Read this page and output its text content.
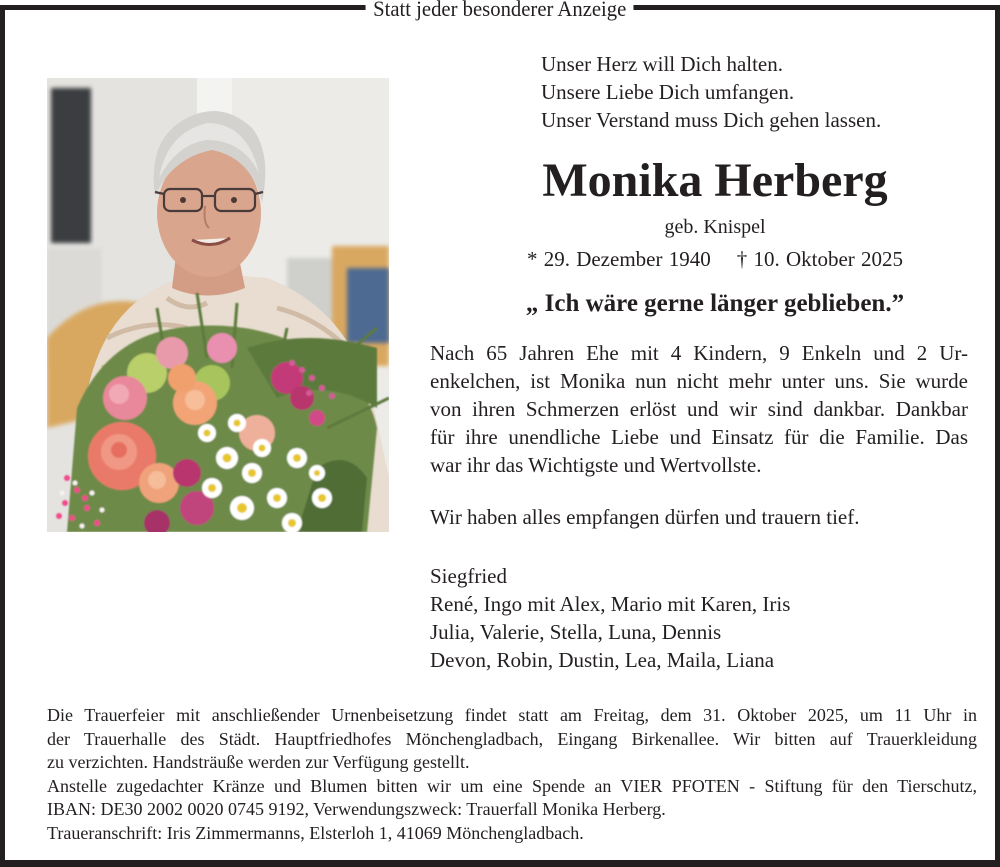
Statt jeder besonderer Anzeige
Unser Herz will Dich halten.
Unsere Liebe Dich umfangen.
Unser Verstand muss Dich gehen lassen.
Monika Herberg
geb. Knispel
* 29. Dezember 1940 † 10. Oktober 2025
„ Ich wäre gerne länger geblieben.”
Nach 65 Jahren Ehe mit 4 Kindern, 9 Enkeln und 2 Ur-
enkelchen, ist Monika nun nicht mehr unter uns. Sie wurde
von ihren Schmerzen erlöst und wir sind dankbar. Dankbar
für ihre unendliche Liebe und Einsatz für die Familie. Das
war ihr das Wichtigste und Wertvollste.
Wir haben alles empfangen dürfen und trauern tief.
Siegfried
René, Ingo mit Alex, Mario mit Karen, Iris
Julia, Valerie, Stella, Luna, Dennis
Devon, Robin, Dustin, Lea, Maila, Liana
Die Trauerfeier mit anschließender Urnenbeisetzung findet statt am Freitag, dem 31. Oktober 2025, um 11 Uhr in
der Trauerhalle des Städt. Hauptfriedhofes Mönchengladbach, Eingang Birkenallee. Wir bitten auf Trauerkleidung
zu verzichten. Handsträuße werden zur Verfügung gestellt.
Anstelle zugedachter Kränze und Blumen bitten wir um eine Spende an VIER PFOTEN - Stiftung für den Tierschutz,
IBAN: DE30 2002 0020 0745 9192, Verwendungszweck: Trauerfall Monika Herberg.
Traueranschrift: Iris Zimmermanns, Elsterloh 1, 41069 Mönchengladbach.
